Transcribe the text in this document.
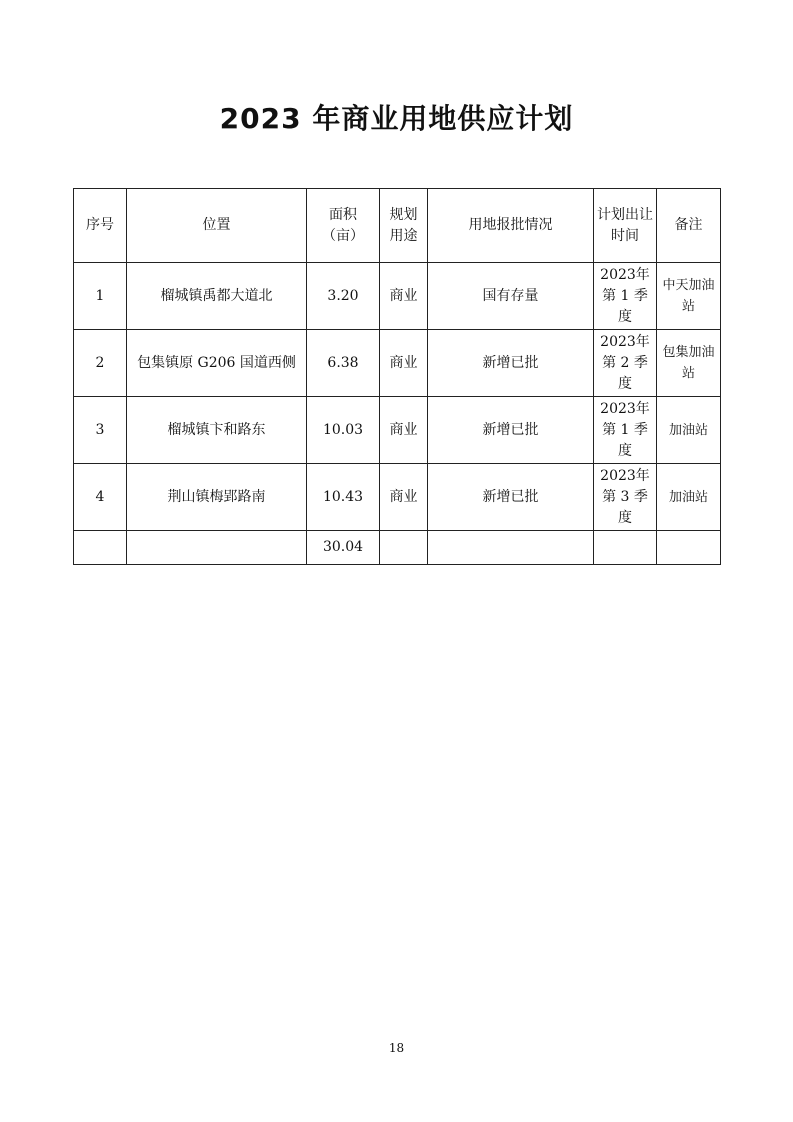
2023 年商业用地供应计划
序号	位置	面积（亩）	规划用途	用地报批情况	计划出让时间	备注
1	榴城镇禹都大道北	3.20	商业	国有存量	2023年第 1 季度	中天加油站

2	包集镇原 G206 国道西侧	6.38	商业	新增已批	2023年第 2 季度	包集加油站

3	榴城镇卞和路东	10.03	商业	新增已批	2023年第 1 季度	加油站
4	荆山镇梅郢路南	10.43	商业	新增已批	2023年第 3 季度	加油站
		30.04				
18
